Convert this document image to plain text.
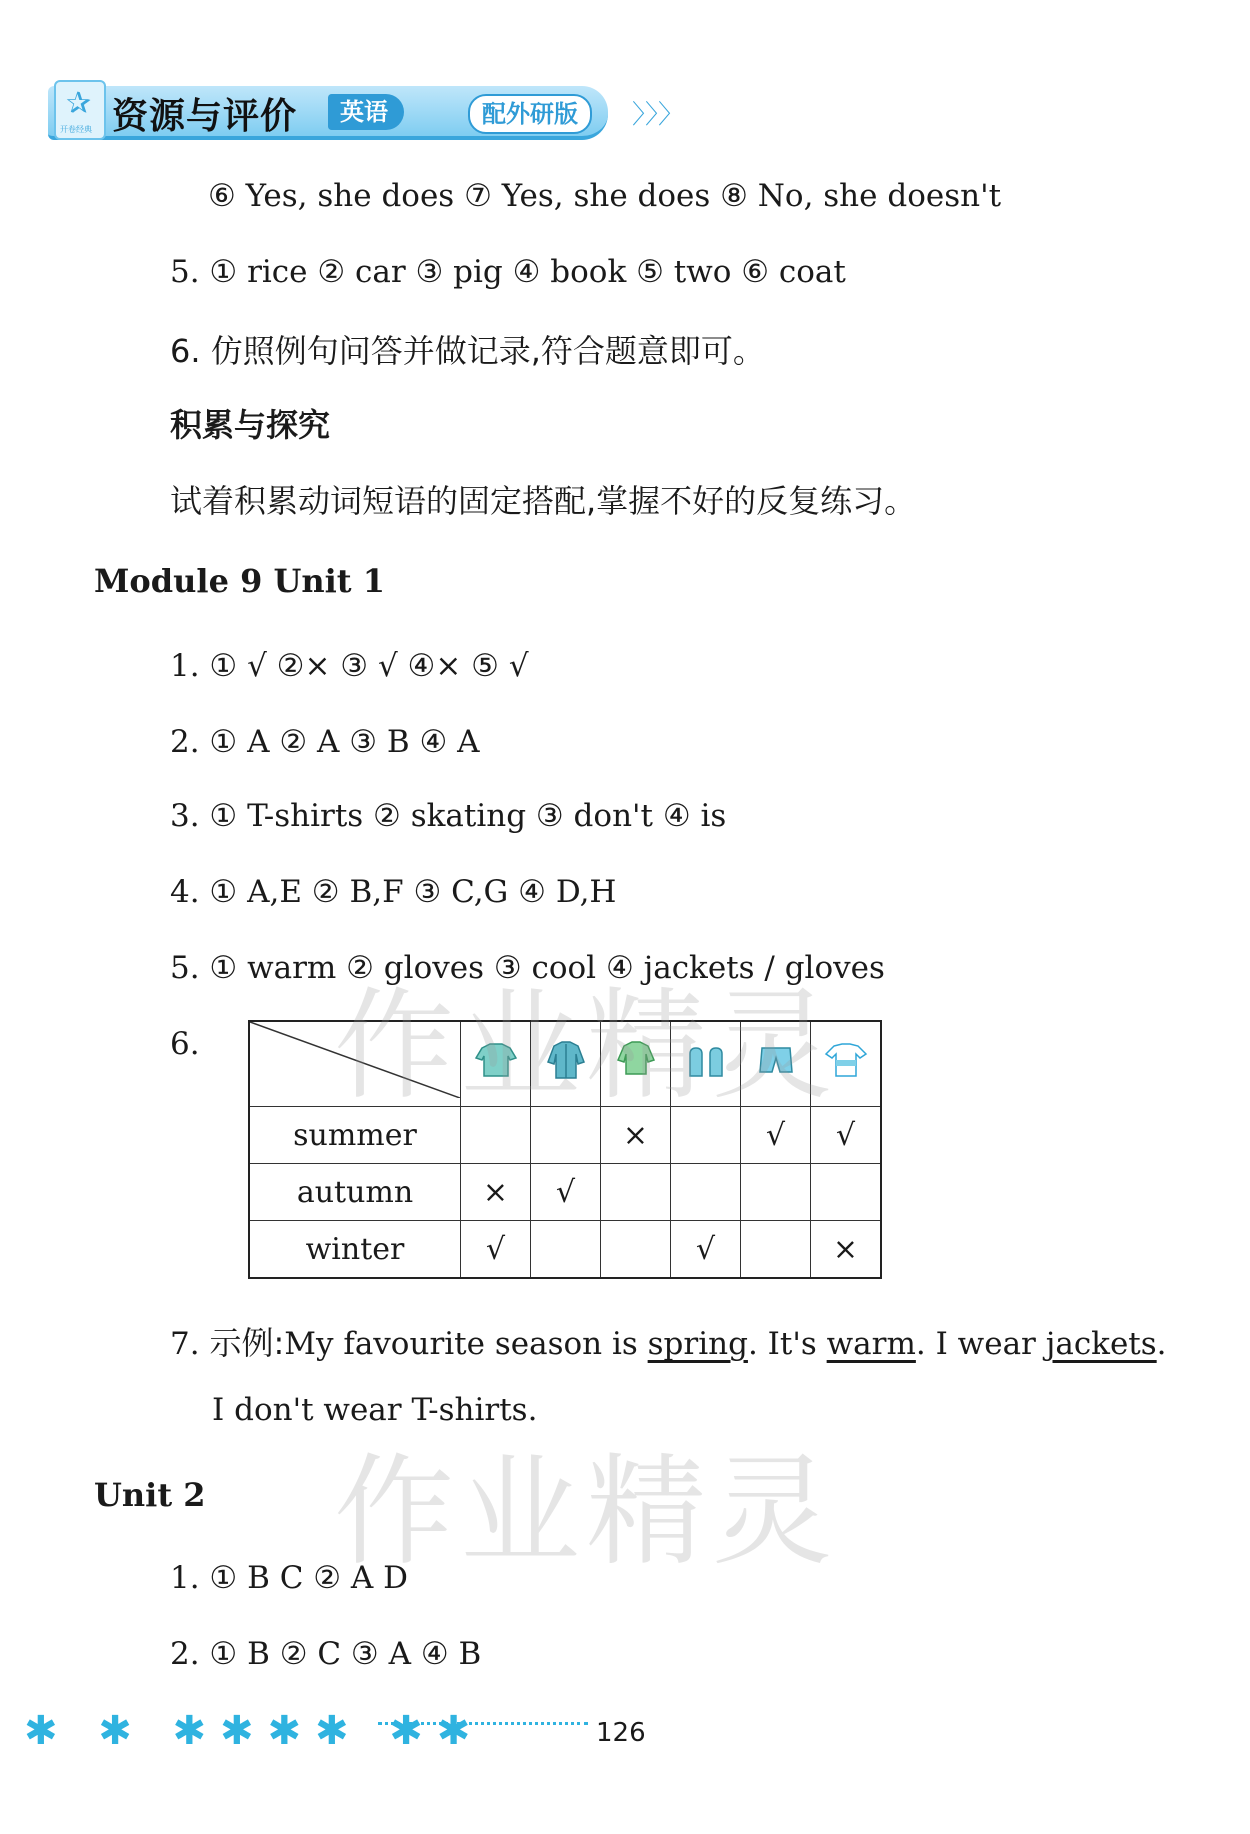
✰
开卷经典 资源与评价	英语	配外研版	〉〉〉
⑥ Yes, she does ⑦ Yes, she does ⑧ No, she doesn't
5. ① rice ② car ③ pig ④ book ⑤ two ⑥ coat
6. 仿照例句问答并做记录,符合题意即可。
积累与探究
试着积累动词短语的固定搭配,掌握不好的反复练习。
Module 9 Unit 1
1. ① √ ②× ③ √ ④× ⑤ √
2. ① A ② A ③ B ④ A
3. ① T-shirts ② skating ③ don't ④ is
4. ① A,E ② B,F ③ C,G ④ D,H
5. ① warm ② gloves ③ cool ④ jackets / gloves
6.

summer			×		√	√
autumn	×	√				
winter	√			√		×
7. 示例:My favourite season is spring. It's warm. I wear jackets.
I don't wear T-shirts.
Unit 2
1. ① B C ② A D
2. ① B ② C ③ A ④ B
作业精灵
作业精灵
✱ ✱ ✱✱✱✱ ✱✱	126
